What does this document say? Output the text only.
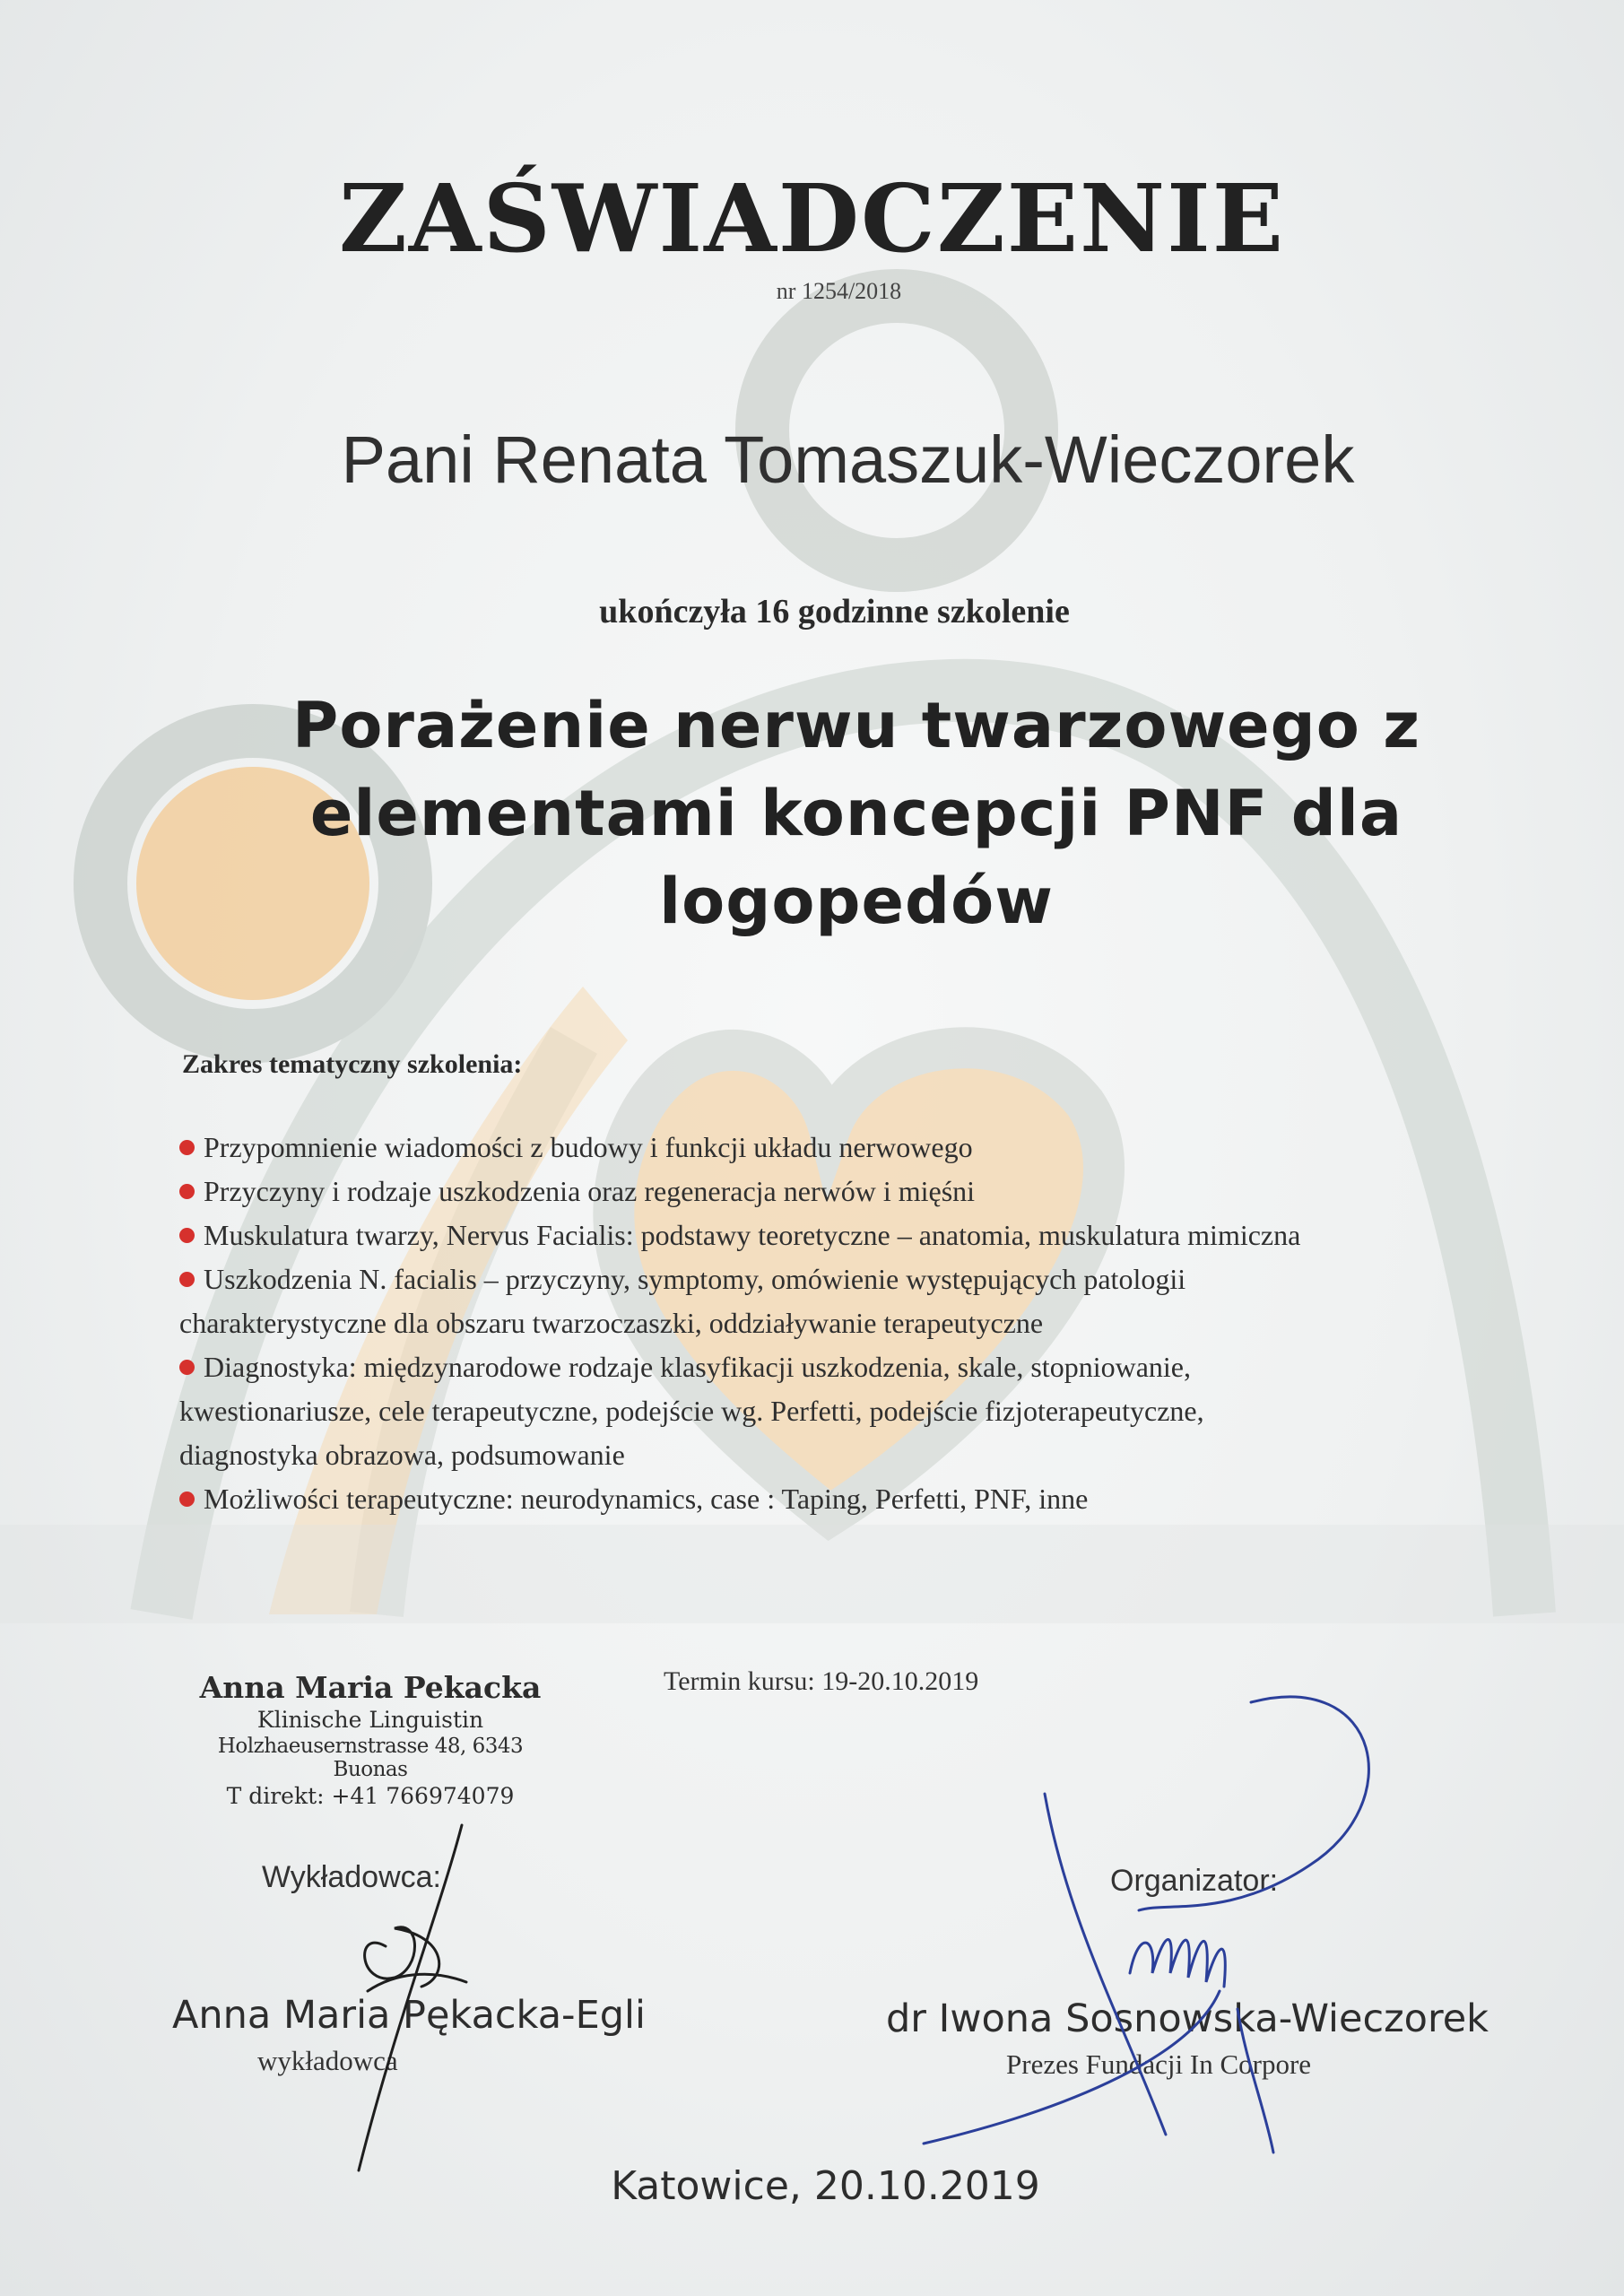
ZAŚWIADCZENIE
nr 1254/2018
Pani Renata Tomaszuk-Wieczorek
ukończyła 16 godzinne szkolenie
Porażenie nerwu twarzowego z
elementami koncepcji PNF dla
logopedów
Zakres tematyczny szkolenia:
Przypomnienie wiadomości z budowy i funkcji układu nerwowego
Przyczyny i rodzaje uszkodzenia oraz regeneracja nerwów i mięśni
Muskulatura twarzy, Nervus Facialis: podstawy teoretyczne – anatomia, muskulatura mimiczna
Uszkodzenia N. facialis – przyczyny, symptomy, omówienie występujących patologii
charakterystyczne dla obszaru twarzoczaszki, oddziaływanie terapeutyczne
Diagnostyka: międzynarodowe rodzaje klasyfikacji uszkodzenia, skale, stopniowanie,
kwestionariusze, cele terapeutyczne, podejście wg. Perfetti, podejście fizjoterapeutyczne,
diagnostyka obrazowa, podsumowanie
Możliwości terapeutyczne: neurodynamics, case : Taping, Perfetti, PNF, inne
Anna Maria Pekacka
Klinische Linguistin
Holzhaeusernstrasse 48, 6343 Buonas
T direkt: +41 766974079
Termin kursu: 19-20.10.2019
Wykładowca:	Organizator:
Anna Maria Pękacka-Egli
wykładowca
dr Iwona Sosnowska-Wieczorek
Prezes Fundacji In Corpore
Katowice, 20.10.2019
